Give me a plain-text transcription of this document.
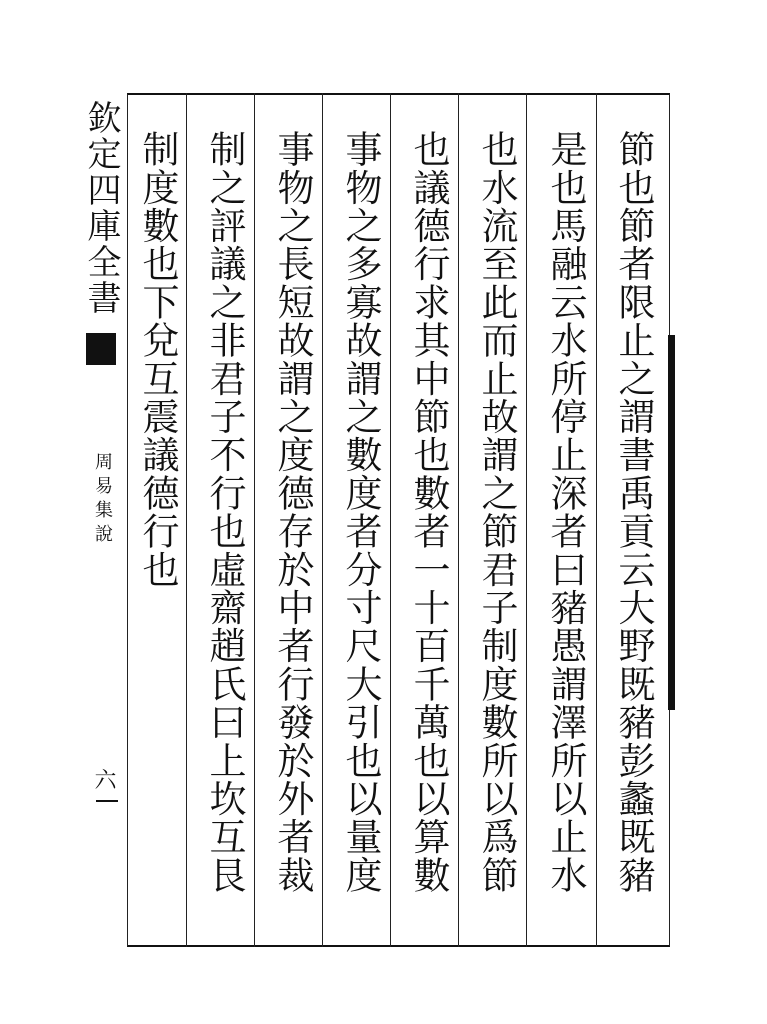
欽定四庫全書
周易集說
六	節也節者限止之謂書禹貢云大野既豬彭蠡既豬
是也馬融云水所停止深者曰豬愚謂澤所以止水
也水流至此而止故謂之節君子制度數所以爲節
也議德行求其中節也數者一十百千萬也以算數
事物之多寡故謂之數度者分寸尺大引也以量度
事物之長短故謂之度德存於中者行發於外者裁
制之評議之非君子不行也虛齋趙氏曰上坎互艮
制度數也下兌互震議德行也
